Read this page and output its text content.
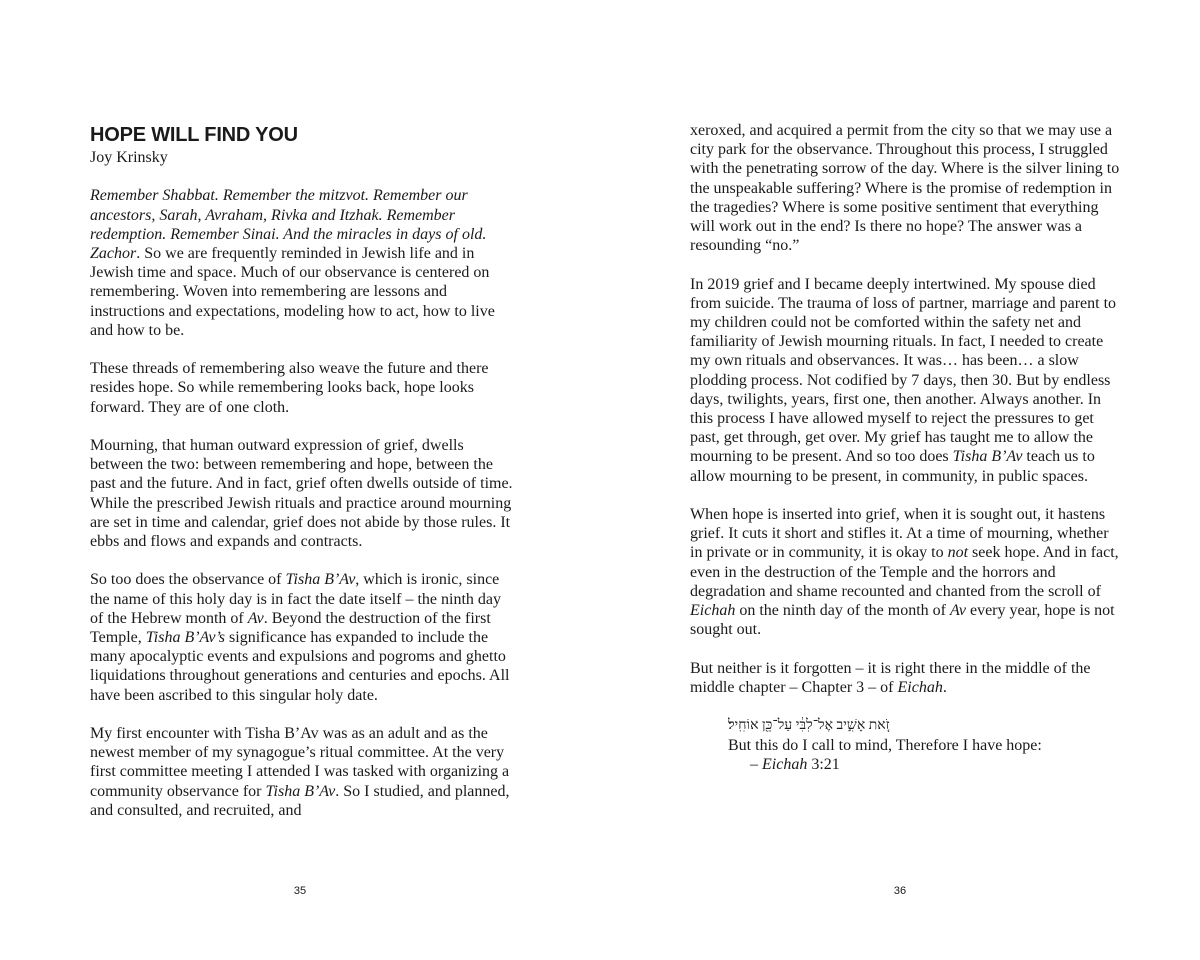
HOPE WILL FIND YOU

Joy Krinsky

Remember Shabbat. Remember the mitzvot. Remember our ancestors, Sarah, Avraham, Rivka and Itzhak. Remember redemption. Remember Sinai. And the miracles in days of old. Zachor. So we are frequently reminded in Jewish life and in Jewish time and space. Much of our observance is centered on remembering. Woven into remembering are lessons and instructions and expectations, modeling how to act, how to live and how to be.

These threads of remembering also weave the future and there resides hope. So while remembering looks back, hope looks forward. They are of one cloth.

Mourning, that human outward expression of grief, dwells between the two: between remembering and hope, between the past and the future. And in fact, grief often dwells outside of time. While the prescribed Jewish rituals and practice around mourning are set in time and calendar, grief does not abide by those rules. It ebbs and flows and expands and contracts.

So too does the observance of Tisha B’Av, which is ironic, since the name of this holy day is in fact the date itself – the ninth day of the Hebrew month of Av. Beyond the destruction of the first Temple, Tisha B’Av’s significance has expanded to include the many apocalyptic events and expulsions and pogroms and ghetto liquidations throughout generations and centuries and epochs. All have been ascribed to this singular holy date.

My first encounter with Tisha B’Av was as an adult and as the newest member of my synagogue’s ritual committee. At the very first committee meeting I attended I was tasked with organizing a community observance for Tisha B’Av. So I studied, and planned, and consulted, and recruited, and

35

xeroxed, and acquired a permit from the city so that we may use a city park for the observance. Throughout this process, I struggled with the penetrating sorrow of the day. Where is the silver lining to the unspeakable suffering? Where is the promise of redemption in the tragedies? Where is some positive sentiment that everything will work out in the end? Is there no hope? The answer was a resounding “no.”

In 2019 grief and I became deeply intertwined. My spouse died from suicide. The trauma of loss of partner, marriage and parent to my children could not be comforted within the safety net and familiarity of Jewish mourning rituals. In fact, I needed to create my own rituals and observances. It was… has been… a slow plodding process. Not codified by 7 days, then 30. But by endless days, twilights, years, first one, then another. Always another. In this process I have allowed myself to reject the pressures to get past, get through, get over. My grief has taught me to allow the mourning to be present. And so too does Tisha B’Av teach us to allow mourning to be present, in community, in public spaces.

When hope is inserted into grief, when it is sought out, it hastens grief. It cuts it short and stifles it. At a time of mourning, whether in private or in community, it is okay to not seek hope. And in fact, even in the destruction of the Temple and the horrors and degradation and shame recounted and chanted from the scroll of Eichah on the ninth day of the month of Av every year, hope is not sought out.

But neither is it forgotten – it is right there in the middle of the middle chapter – Chapter 3 – of Eichah.

זֹ֚את אָשִׁ֣יב אֶל־לִבִּ֔י עַל־כֵּ֖ן אוֹחִֽיל׃

But this do I call to mind, Therefore I have hope:

– Eichah 3:21

36
